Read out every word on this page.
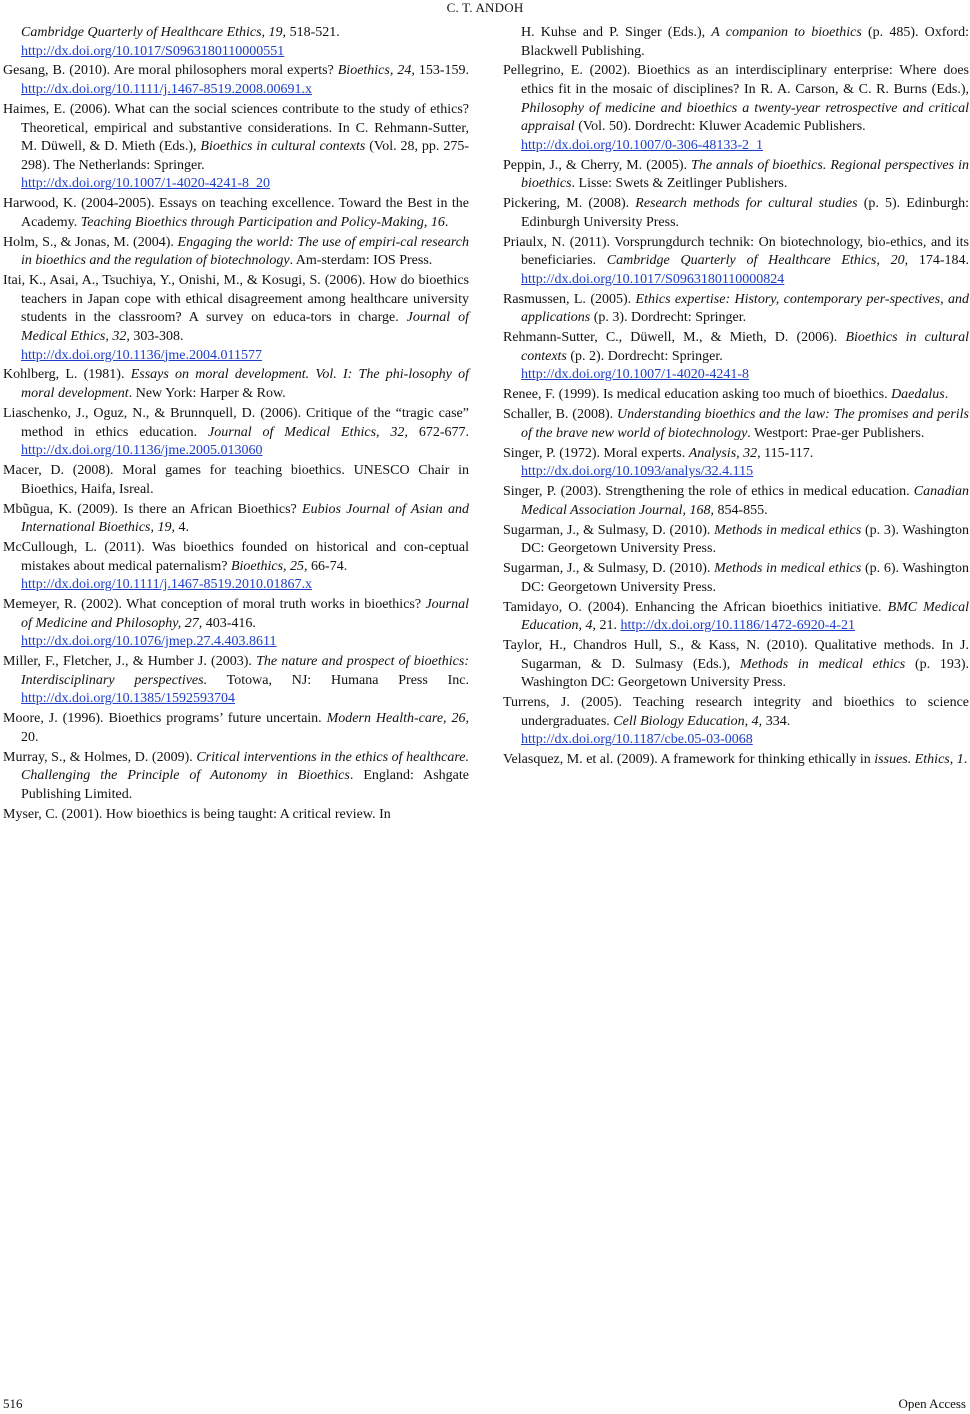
C. T. ANDOH

Cambridge Quarterly of Healthcare Ethics, 19, 518-521.
http://dx.doi.org/10.1017/S0963180110000551

Gesang, B. (2010). Are moral philosophers moral experts? Bioethics, 24, 153-159. http://dx.doi.org/10.1111/j.1467-8519.2008.00691.x

Haimes, E. (2006). What can the social sciences contribute to the study of ethics? Theoretical, empirical and substantive considerations. In C. Rehmann-Sutter, M. Düwell, & D. Mieth (Eds.), Bioethics in cultural contexts (Vol. 28, pp. 275-298). The Netherlands: Springer.
http://dx.doi.org/10.1007/1-4020-4241-8_20

Harwood, K. (2004-2005). Essays on teaching excellence. Toward the Best in the Academy. Teaching Bioethics through Participation and Policy-Making, 16.

Holm, S., & Jonas, M. (2004). Engaging the world: The use of empiri-cal research in bioethics and the regulation of biotechnology. Am-sterdam: IOS Press.

Itai, K., Asai, A., Tsuchiya, Y., Onishi, M., & Kosugi, S. (2006). How do bioethics teachers in Japan cope with ethical disagreement among healthcare university students in the classroom? A survey on educa-tors in charge. Journal of Medical Ethics, 32, 303-308.
http://dx.doi.org/10.1136/jme.2004.011577

Kohlberg, L. (1981). Essays on moral development. Vol. I: The phi-losophy of moral development. New York: Harper & Row.

Liaschenko, J., Oguz, N., & Brunnquell, D. (2006). Critique of the “tragic case” method in ethics education. Journal of Medical Ethics, 32, 672-677. http://dx.doi.org/10.1136/jme.2005.013060

Macer, D. (2008). Moral games for teaching bioethics. UNESCO Chair in Bioethics, Haifa, Isreal.

Mbũgua, K. (2009). Is there an African Bioethics? Eubios Journal of Asian and International Bioethics, 19, 4.

McCullough, L. (2011). Was bioethics founded on historical and con-ceptual mistakes about medical paternalism? Bioethics, 25, 66-74.
http://dx.doi.org/10.1111/j.1467-8519.2010.01867.x

Memeyer, R. (2002). What conception of moral truth works in bioethics? Journal of Medicine and Philosophy, 27, 403-416.
http://dx.doi.org/10.1076/jmep.27.4.403.8611

Miller, F., Fletcher, J., & Humber J. (2003). The nature and prospect of bioethics: Interdisciplinary perspectives. Totowa, NJ: Humana Press Inc. http://dx.doi.org/10.1385/1592593704

Moore, J. (1996). Bioethics programs’ future uncertain. Modern Health-care, 26, 20.

Murray, S., & Holmes, D. (2009). Critical interventions in the ethics of healthcare. Challenging the Principle of Autonomy in Bioethics. England: Ashgate Publishing Limited.

Myser, C. (2001). How bioethics is being taught: A critical review. In

H. Kuhse and P. Singer (Eds.), A companion to bioethics (p. 485). Oxford: Blackwell Publishing.

Pellegrino, E. (2002). Bioethics as an interdisciplinary enterprise: Where does ethics fit in the mosaic of disciplines? In R. A. Carson, & C. R. Burns (Eds.), Philosophy of medicine and bioethics a twenty-year retrospective and critical appraisal (Vol. 50). Dordrecht: Kluwer Academic Publishers.
http://dx.doi.org/10.1007/0-306-48133-2_1

Peppin, J., & Cherry, M. (2005). The annals of bioethics. Regional perspectives in bioethics. Lisse: Swets & Zeitlinger Publishers.

Pickering, M. (2008). Research methods for cultural studies (p. 5). Edinburgh: Edinburgh University Press.

Priaulx, N. (2011). Vorsprungdurch technik: On biotechnology, bio-ethics, and its beneficiaries. Cambridge Quarterly of Healthcare Ethics, 20, 174-184. http://dx.doi.org/10.1017/S0963180110000824

Rasmussen, L. (2005). Ethics expertise: History, contemporary per-spectives, and applications (p. 3). Dordrecht: Springer.

Rehmann-Sutter, C., Düwell, M., & Mieth, D. (2006). Bioethics in cultural contexts (p. 2). Dordrecht: Springer.
http://dx.doi.org/10.1007/1-4020-4241-8

Renee, F. (1999). Is medical education asking too much of bioethics. Daedalus.

Schaller, B. (2008). Understanding bioethics and the law: The promises and perils of the brave new world of biotechnology. Westport: Prae-ger Publishers.

Singer, P. (1972). Moral experts. Analysis, 32, 115-117.
http://dx.doi.org/10.1093/analys/32.4.115

Singer, P. (2003). Strengthening the role of ethics in medical education. Canadian Medical Association Journal, 168, 854-855.

Sugarman, J., & Sulmasy, D. (2010). Methods in medical ethics (p. 3). Washington DC: Georgetown University Press.

Sugarman, J., & Sulmasy, D. (2010). Methods in medical ethics (p. 6). Washington DC: Georgetown University Press.

Tamidayo, O. (2004). Enhancing the African bioethics initiative. BMC Medical Education, 4, 21. http://dx.doi.org/10.1186/1472-6920-4-21

Taylor, H., Chandros Hull, S., & Kass, N. (2010). Qualitative methods. In J. Sugarman, & D. Sulmasy (Eds.), Methods in medical ethics (p. 193). Washington DC: Georgetown University Press.

Turrens, J. (2005). Teaching research integrity and bioethics to science undergraduates. Cell Biology Education, 4, 334.
http://dx.doi.org/10.1187/cbe.05-03-0068

Velasquez, M. et al. (2009). A framework for thinking ethically in issues. Ethics, 1.

516	Open Access
